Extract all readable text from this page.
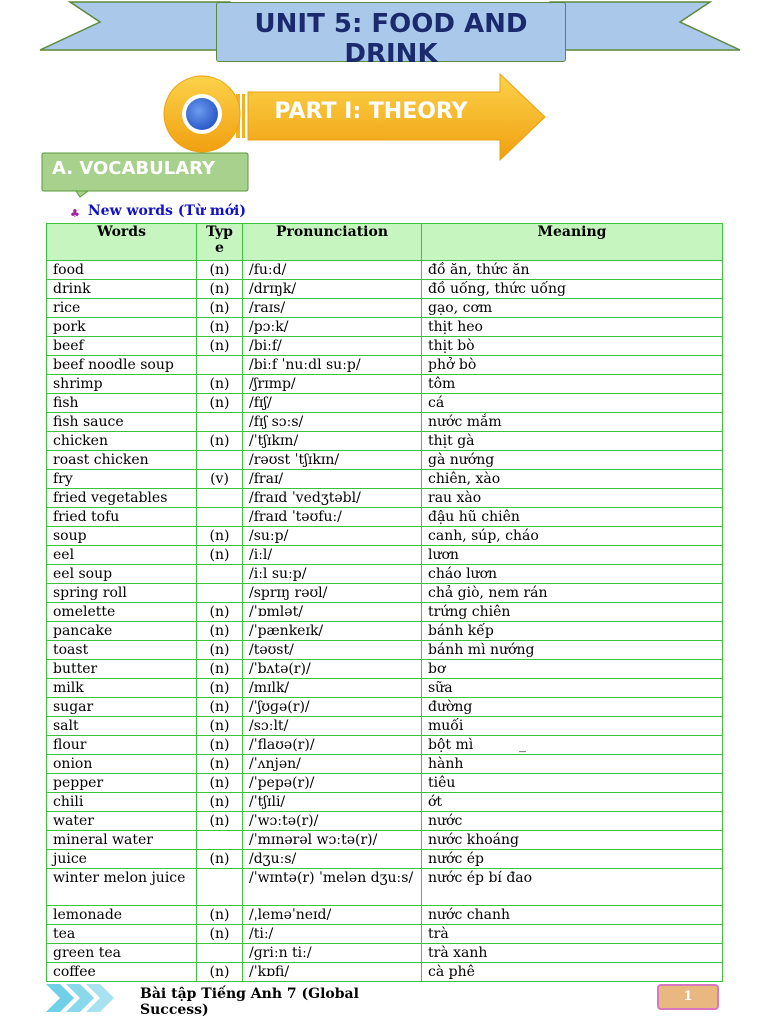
UNIT 5: FOOD AND DRINK
PART I: THEORY
A. VOCABULARY
♣ New words (Từ mới)
Words	Type	Pronunciation	Meaning
food	(n)	/fuːd/	đồ ăn, thức ăn
drink	(n)	/drɪŋk/	đồ uống, thức uống
rice	(n)	/raɪs/	gạo, cơm
pork	(n)	/pɔːk/	thịt heo
beef	(n)	/biːf/	thịt bò
beef noodle soup		/biːf ˈnuːdl suːp/	phở bò
shrimp	(n)	/ʃrɪmp/	tôm
fish	(n)	/fɪʃ/	cá
fish sauce		/fɪʃ sɔːs/	nước mắm
chicken	(n)	/ˈtʃɪkɪn/	thịt gà
roast chicken		/rəʊst ˈtʃɪkɪn/	gà nướng
fry	(v)	/fraɪ/	chiên, xào
fried vegetables		/fraɪd ˈvedʒtəbl/	rau xào
fried tofu		/fraɪd ˈtəʊfuː/	đậu hũ chiên
soup	(n)	/suːp/	canh, súp, cháo
eel	(n)	/iːl/	lươn
eel soup		/iːl suːp/	cháo lươn
spring roll		/sprɪŋ rəʊl/	chả giò, nem rán
omelette	(n)	/ˈɒmlət/	trứng chiên
pancake	(n)	/ˈpænkeɪk/	bánh kếp
toast	(n)	/təʊst/	bánh mì nướng
butter	(n)	/ˈbʌtə(r)/	bơ
milk	(n)	/mɪlk/	sữa
sugar	(n)	/ˈʃʊɡə(r)/	đường
salt	(n)	/sɔːlt/	muối
flour	(n)	/ˈflaʊə(r)/	bột mì
onion	(n)	/ˈʌnjən/	hành
pepper	(n)	/ˈpepə(r)/	tiêu
chili	(n)	/ˈtʃɪli/	ớt
water	(n)	/ˈwɔːtə(r)/	nước
mineral water		/ˈmɪnərəl wɔːtə(r)/	nước khoáng
juice	(n)	/dʒuːs/	nước ép
winter melon juice		/ˈwɪntə(r) ˈmelən dʒuːs/	nước ép bí đao
lemonade	(n)	/ˌleməˈneɪd/	nước chanh
tea	(n)	/tiː/	trà
green tea		/ɡriːn tiː/	trà xanh
coffee	(n)	/ˈkɒfi/	cà phê
_
Bài tập Tiếng Anh 7 (Global Success)
1
